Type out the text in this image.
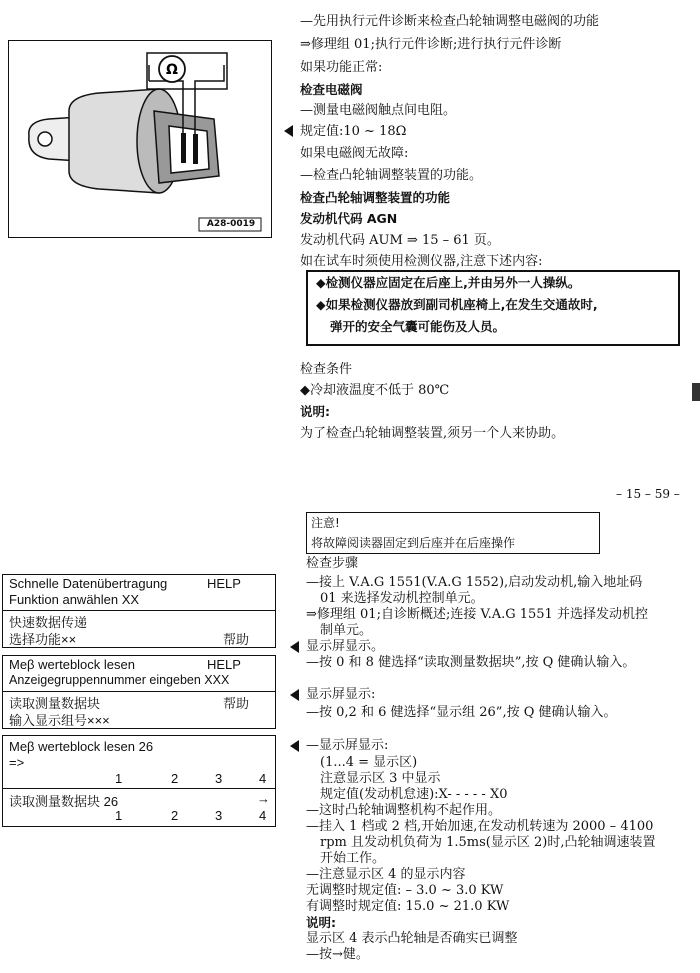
Ω
A28-0019
—先用执行元件诊断来检查凸轮轴调整电磁阀的功能
⇒修理组 01;执行元件诊断;进行执行元件诊断
如果功能正常:
检查电磁阀
—测量电磁阀触点间电阻。
规定值:10 ~ 18Ω
如果电磁阀无故障:
—检查凸轮轴调整装置的功能。
检查凸轮轴调整装置的功能
发动机代码 AGN
发动机代码 AUM ⇒ 15 – 61 页。
如在试车时须使用检测仪器,注意下述内容:
◆检测仪器应固定在后座上,并由另外一人操纵。
◆如果检测仪器放到副司机座椅上,在发生交通故时,
弹开的安全气囊可能伤及人员。
检查条件
◆冷却液温度不低于 80℃
说明:
为了检查凸轮轴调整装置,须另一个人来协助。
– 15 – 59 –
注意!
将故障阅读器固定到后座并在后座操作
检查步骤
—接上 V.A.G 1551(V.A.G 1552),启动发动机,输入地址码
01 来选择发动机控制单元。
⇒修理组 01;自诊断概述;连接 V.A.G 1551 并选择发动机控
制单元。
显示屏显示。
—按 0 和 8 健选择“读取测量数据块”,按 Q 健确认输入。
显示屏显示:
—按 0,2 和 6 健选择“显示组 26”,按 Q 健确认输入。
—显示屏显示:
(1...4 = 显示区)
注意显示区 3 中显示
规定值(发动机怠速):X- - - - - X0
—这时凸轮轴调整机构不起作用。
—挂入 1 档或 2 档,开始加速,在发动机转速为 2000 – 4100
rpm 且发动机负荷为 1.5ms(显示区 2)时,凸轮轴调速装置
开始工作。
—注意显示区 4 的显示内容
无调整时规定值: – 3.0 ~ 3.0 KW
有调整时规定值: 15.0 ~ 21.0 KW
说明:
显示区 4 表示凸轮轴是否确实已调整
—按→健。
Schnelle Datenübertragung	HELP
Funktion anwählen XX
快速数据传递
选择功能××	帮助
Meβ werteblock lesen	HELP
Anzeigegruppennummer eingeben XXX
读取测量数据块	帮助
输入显示组号×××
Meβ werteblock lesen 26
=>
1	2	3	4
读取测量数据块 26	→
1	2	3	4
